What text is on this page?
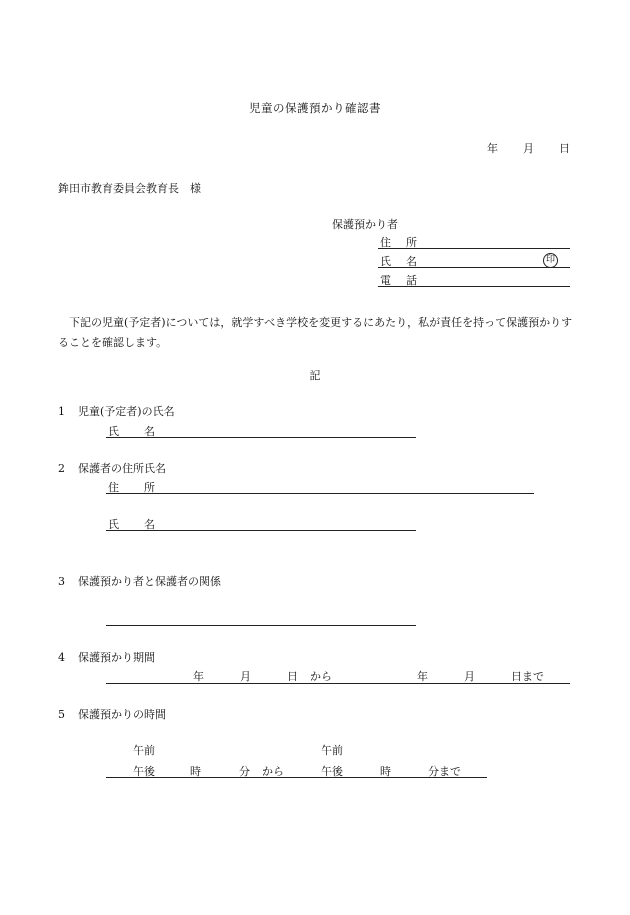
児童の保護預かり確認書
年 月 日
鉾田市教育委員会教育長　様
保護預かり者
住 所
氏 名	印
電 話
下記の児童(予定者)については，就学すべき学校を変更するにあたり，私が責任を持って保護預かりすることを確認します。
記
1 児童(予定者)の氏名
氏 名
2 保護者の住所氏名
住 所
氏 名
3 保護預かり者と保護者の関係
4 保護預かり期間
年	月	日 から	年	月	日まで
5 保護預かりの時間
午前	午前
午後	時	分 から	午後	時	分まで
